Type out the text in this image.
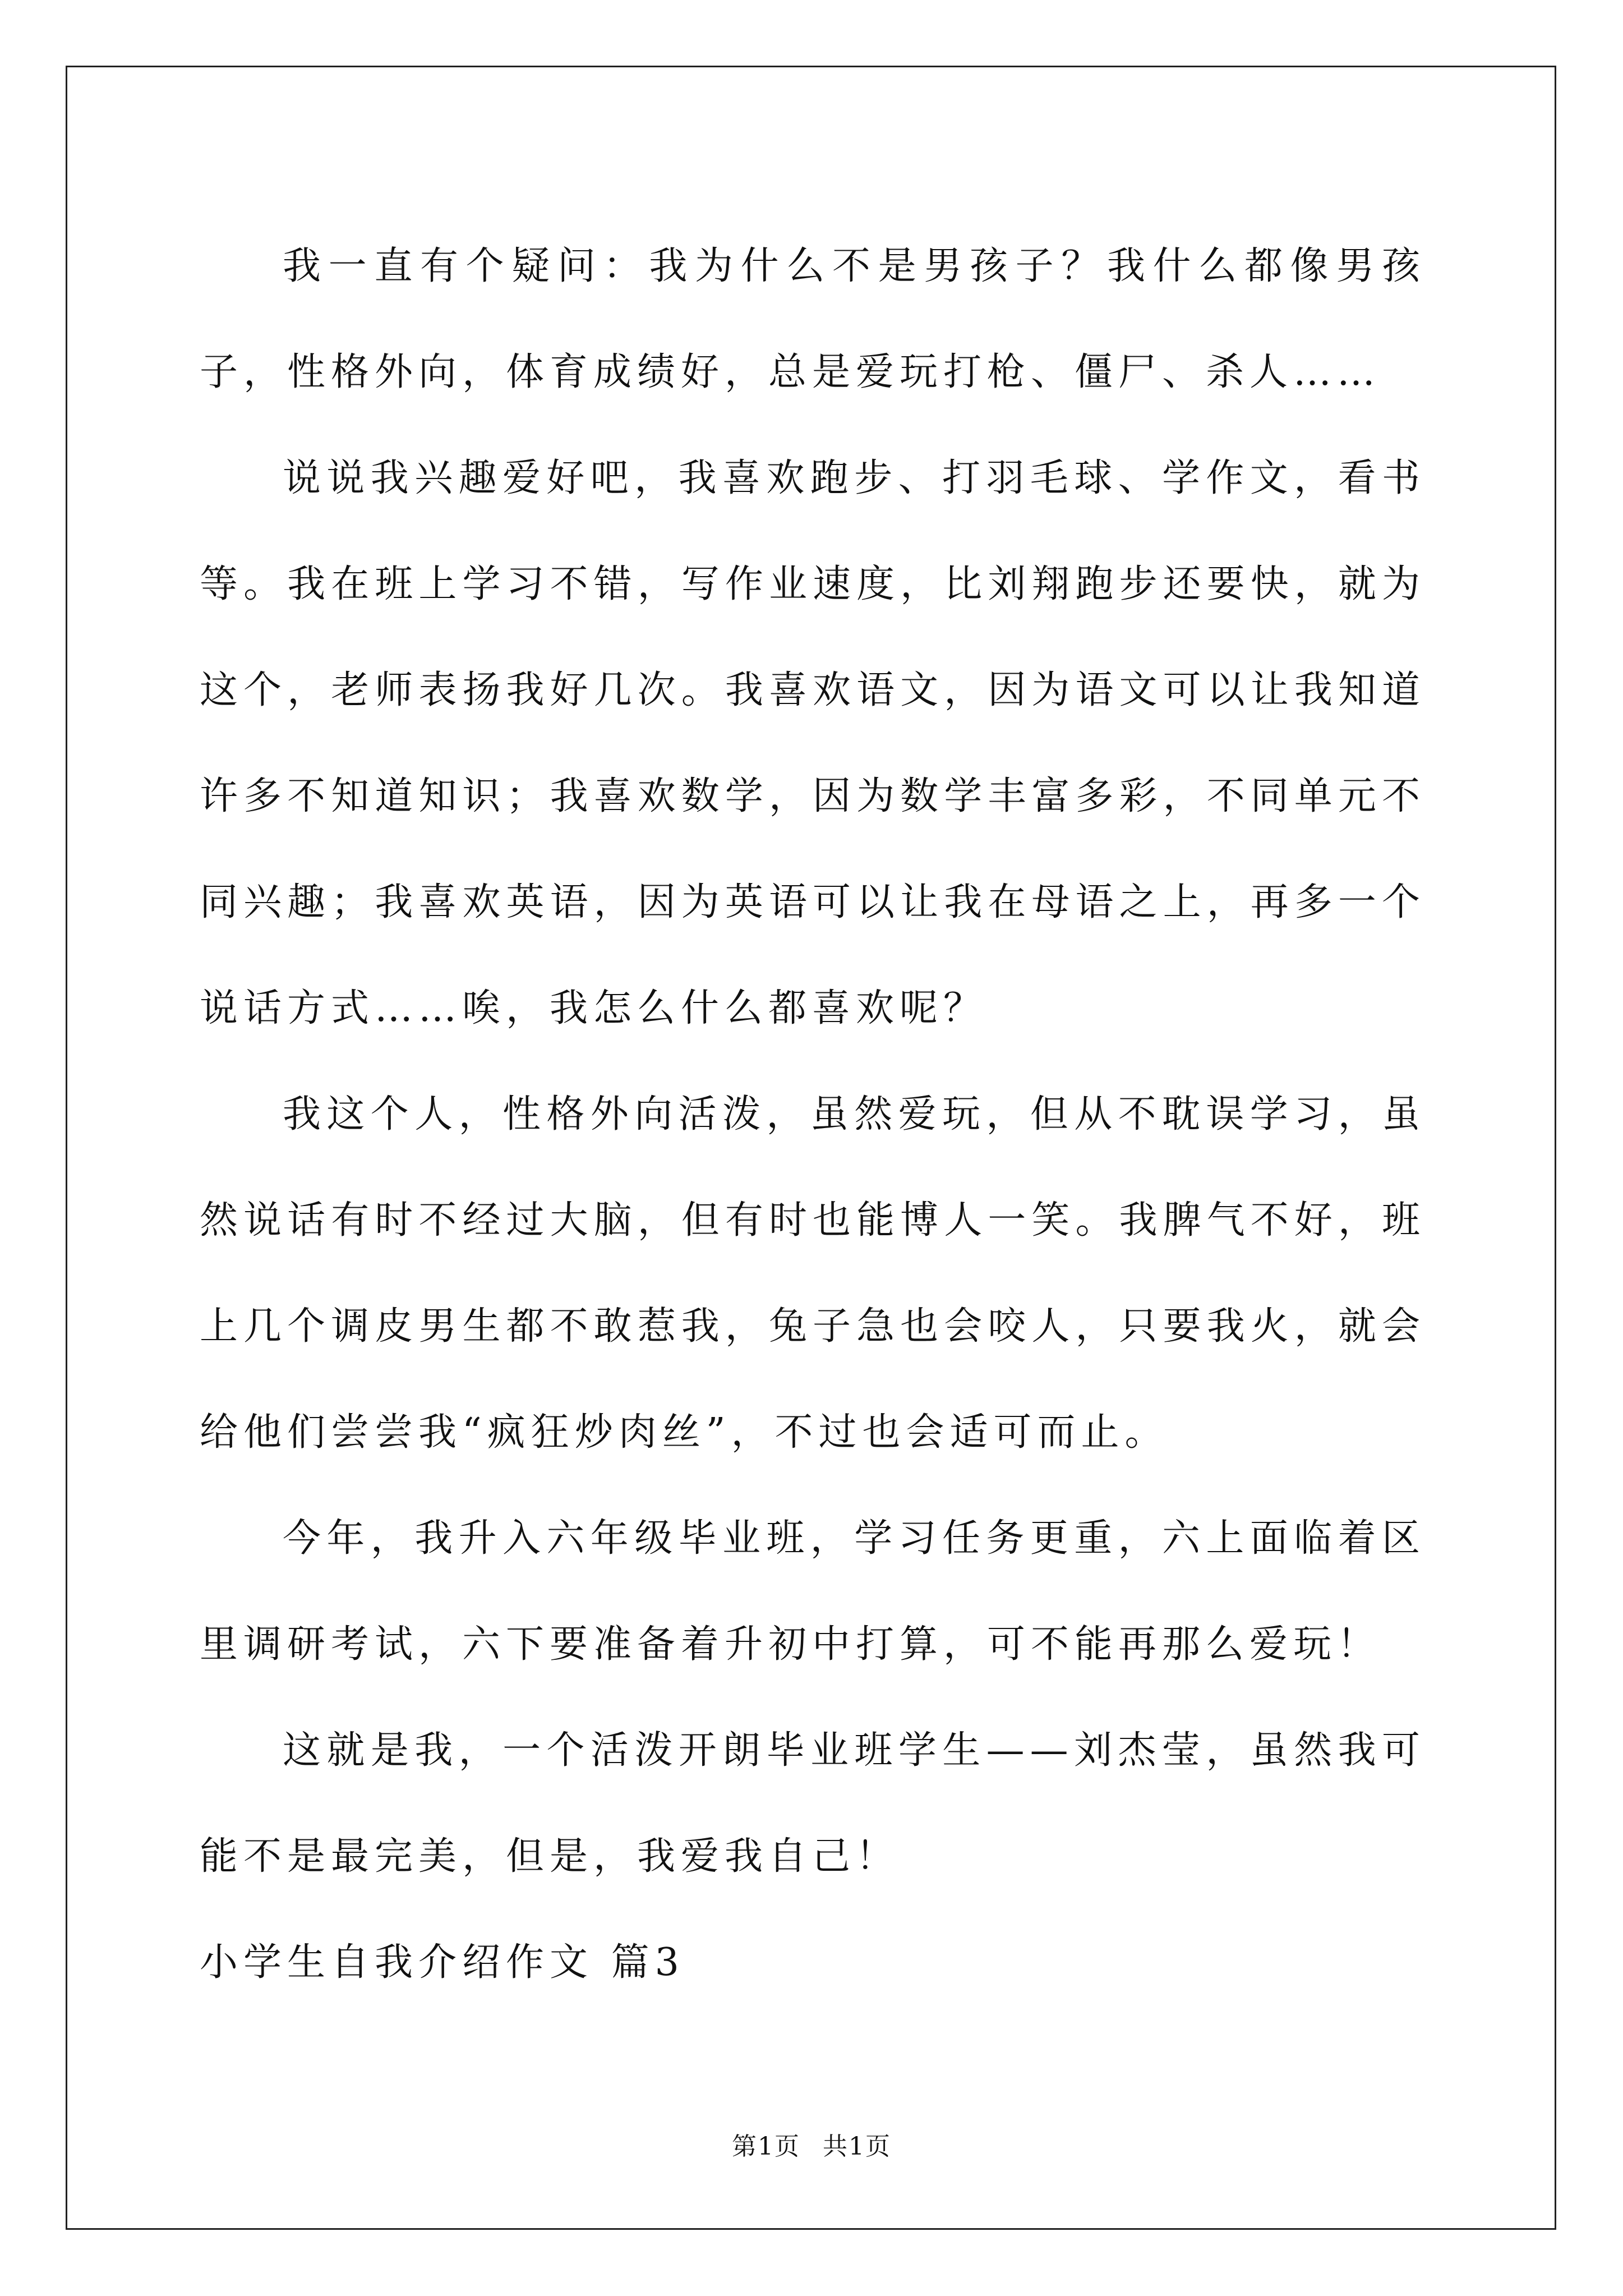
我一直有个疑问：我为什么不是男孩子？我什么都像男孩子，性格外向，体育成绩好，总是爱玩打枪、僵尸、杀人……

说说我兴趣爱好吧，我喜欢跑步、打羽毛球、学作文，看书等。我在班上学习不错，写作业速度，比刘翔跑步还要快，就为这个，老师表扬我好几次。我喜欢语文，因为语文可以让我知道许多不知道知识；我喜欢数学，因为数学丰富多彩，不同单元不同兴趣；我喜欢英语，因为英语可以让我在母语之上，再多一个说话方式……唉，我怎么什么都喜欢呢？

我这个人，性格外向活泼，虽然爱玩，但从不耽误学习，虽然说话有时不经过大脑，但有时也能博人一笑。我脾气不好，班上几个调皮男生都不敢惹我，兔子急也会咬人，只要我火，就会给他们尝尝我“疯狂炒肉丝”，不过也会适可而止。

今年，我升入六年级毕业班，学习任务更重，六上面临着区里调研考试，六下要准备着升初中打算，可不能再那么爱玩！

这就是我，一个活泼开朗毕业班学生——刘杰莹，虽然我可能不是最完美，但是，我爱我自己！

小学生自我介绍作文 篇3

第1页 共1页
